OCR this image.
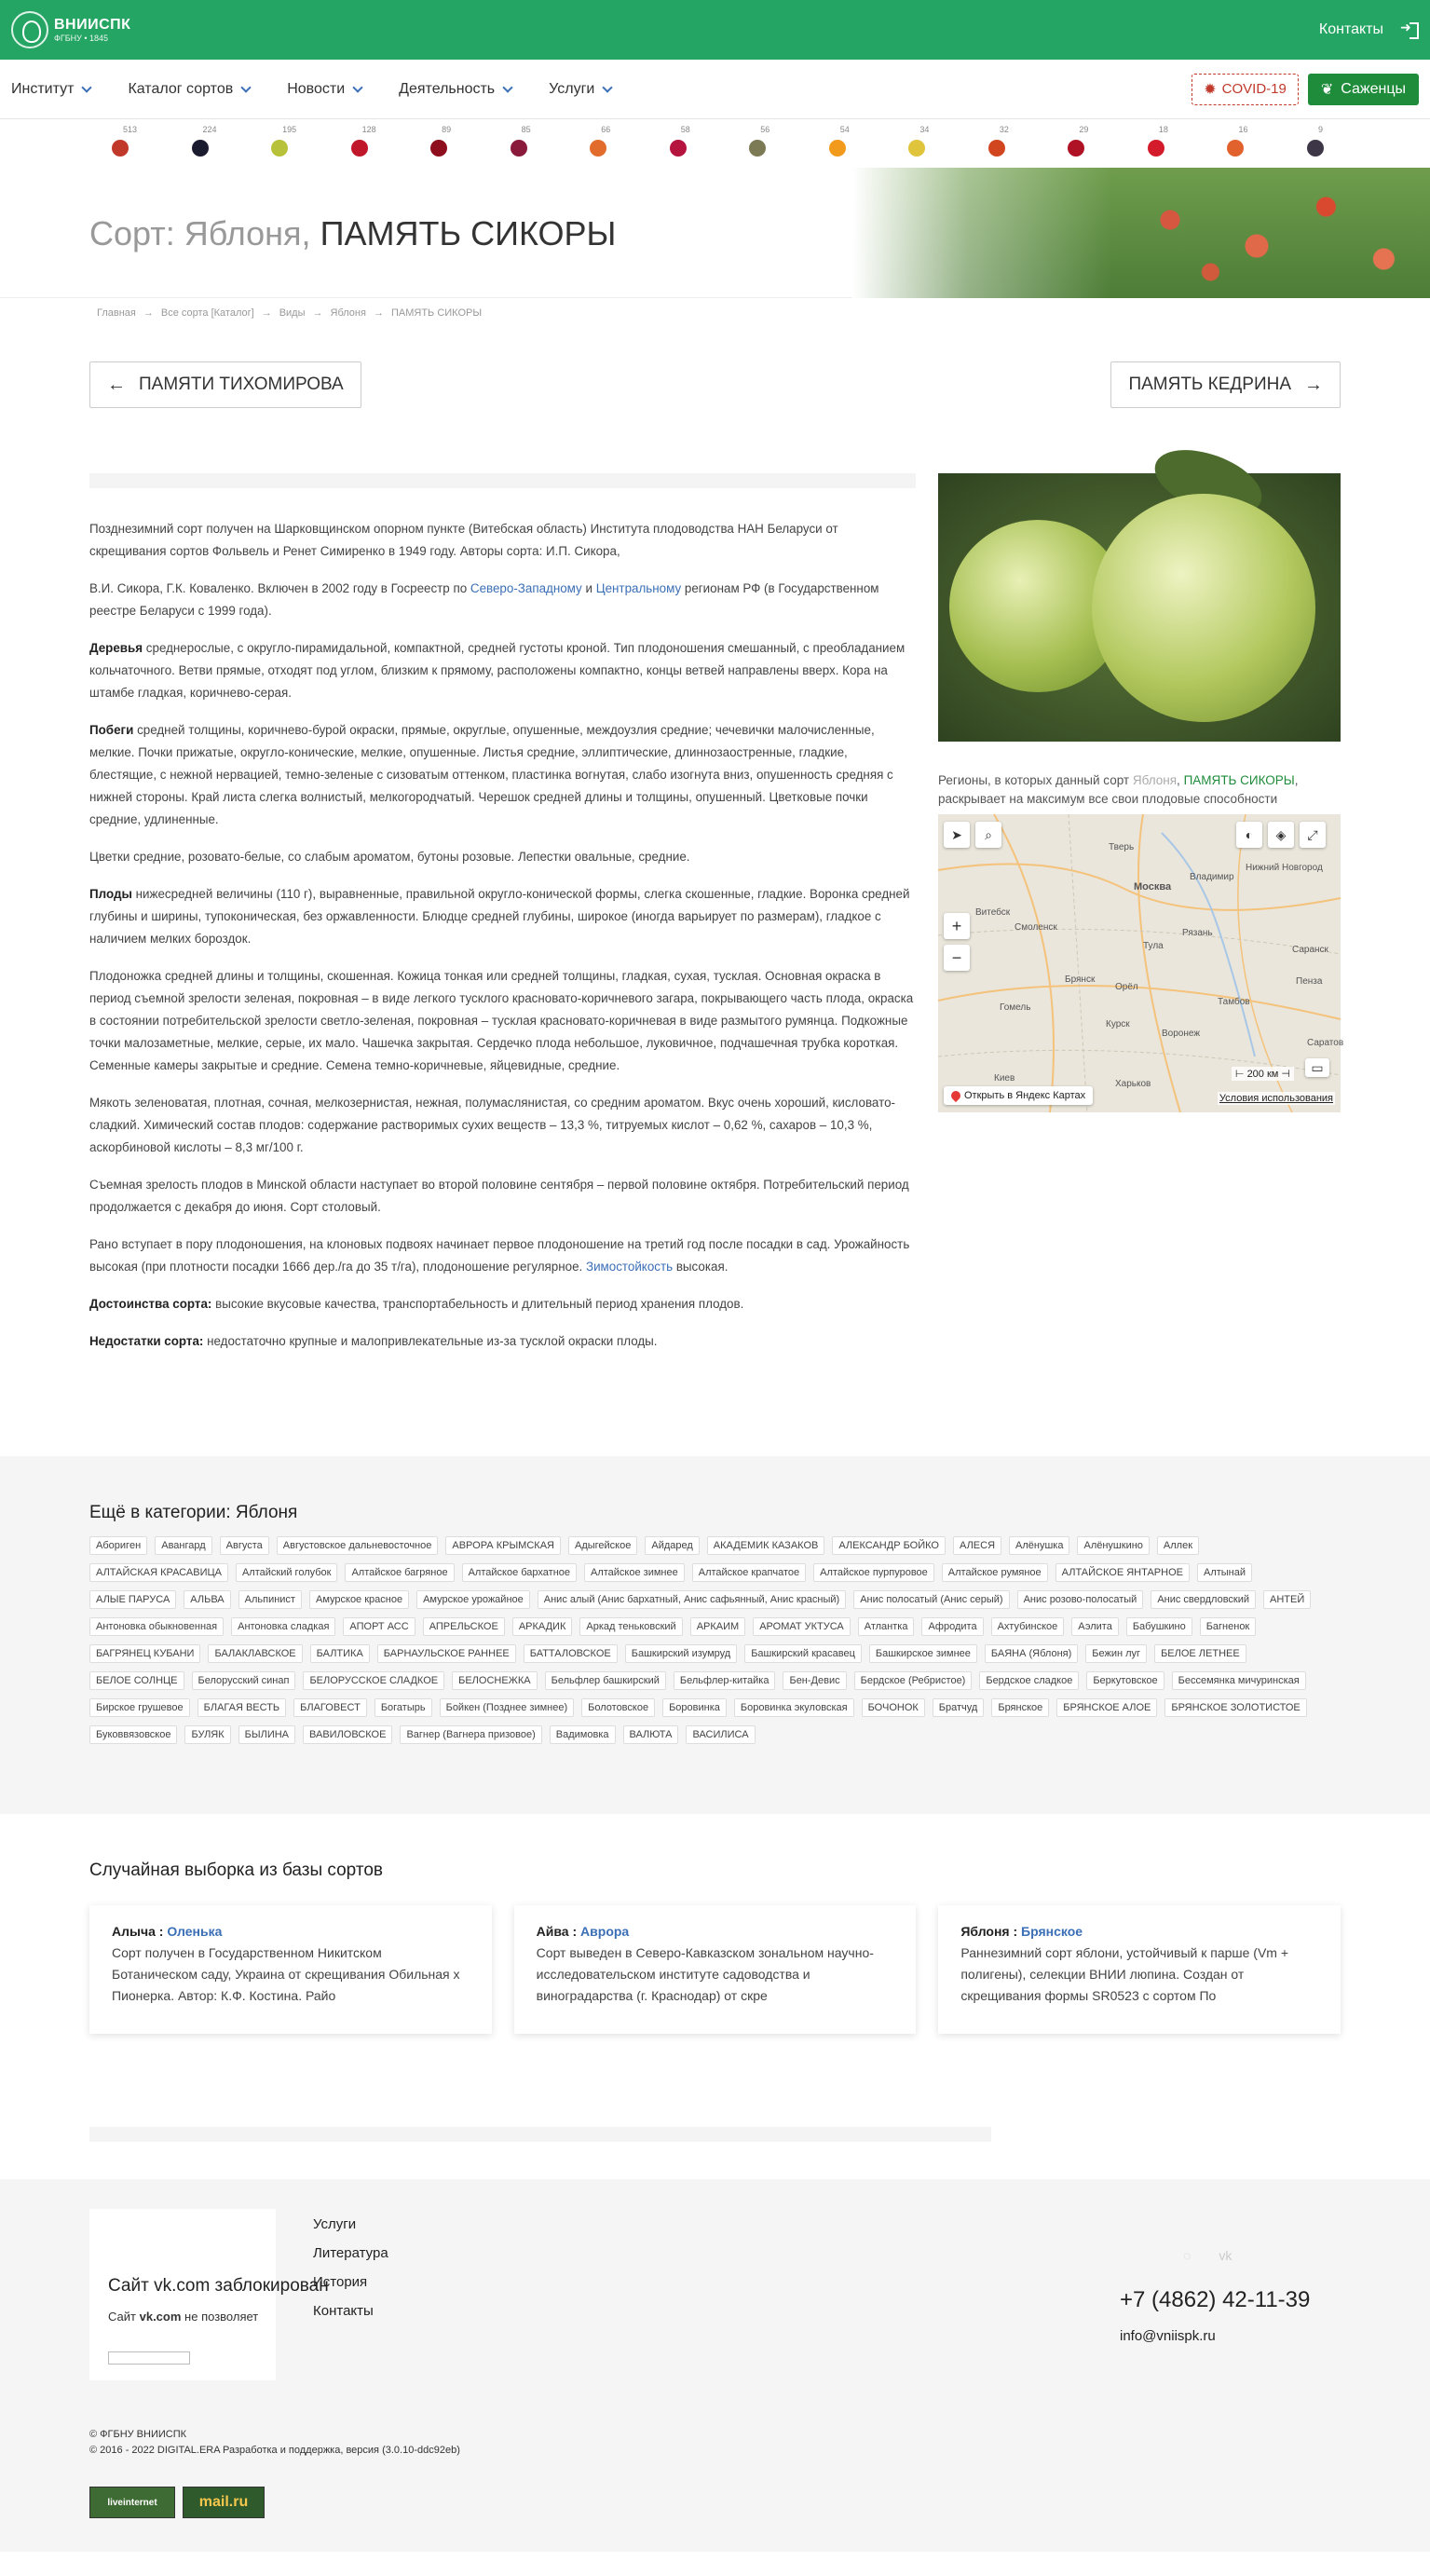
ВНИИСПК
ФГБНУ • 1845
Контакты
➜
Институт	Каталог сортов	Новости	Деятельность	Услуги	✹ COVID-19 ❦ Саженцы
513	224	195	128	89	85	66	58	56	54	34	32	29	18	16	9
Сорт: Яблоня, ПАМЯТЬ СИКОРЫ
Главная → Все сорта [Каталог] → Виды → Яблоня → ПАМЯТЬ СИКОРЫ
← ПАМЯТИ ТИХОМИРОВА	ПАМЯТЬ КЕДРИНА →

Позднезимний сорт получен на Шарковщинском опорном пункте (Витебская область) Института плодоводства НАН Беларуси от скрещивания сортов Фольвель и Ренет Симиренко в 1949 году. Авторы сорта: И.П. Сикора,

В.И. Сикора, Г.К. Коваленко. Включен в 2002 году в Госреестр по Северо-Западному и Центральному регионам РФ (в Государственном реестре Беларуси с 1999 года).

Деревья среднерослые, с округло-пирамидальной, компактной, средней густоты кроной. Тип плодоношения смешанный, с преобладанием кольчаточного. Ветви прямые, отходят под углом, близким к прямому, расположены компактно, концы ветвей направлены вверх. Кора на штамбе гладкая, коричнево-серая.

Побеги средней толщины, коричнево-бурой окраски, прямые, округлые, опушенные, междоузлия средние; чечевички малочисленные, мелкие. Почки прижатые, округло-конические, мелкие, опушенные. Листья средние, эллиптические, длиннозаостренные, гладкие, блестящие, с нежной нервацией, темно-зеленые с сизоватым оттенком, пластинка вогнутая, слабо изогнута вниз, опушенность средняя с нижней стороны. Край листа слегка волнистый, мелкогородчатый. Черешок средней длины и толщины, опушенный. Цветковые почки средние, удлиненные.

Цветки средние, розовато-белые, со слабым ароматом, бутоны розовые. Лепестки овальные, средние.

Плоды нижесредней величины (110 г), выравненные, правильной округло-конической формы, слегка скошенные, гладкие. Воронка средней глубины и ширины, тупоконическая, без оржавленности. Блюдце средней глубины, широкое (иногда варьирует по размерам), гладкое с наличием мелких бороздок.

Плодоножка средней длины и толщины, скошенная. Кожица тонкая или средней толщины, гладкая, сухая, тусклая. Основная окраска в период съемной зрелости зеленая, покровная – в виде легкого тусклого красновато-коричневого загара, покрывающего часть плода, окраска в состоянии потребительской зрелости светло-зеленая, покровная – тусклая красновато-коричневая в виде размытого румянца. Подкожные точки малозаметные, мелкие, серые, их мало. Чашечка закрытая. Сердечко плода небольшое, луковичное, подчашечная трубка короткая. Семенные камеры закрытые и средние. Семена темно-коричневые, яйцевидные, средние.

Мякоть зеленоватая, плотная, сочная, мелкозернистая, нежная, полумаслянистая, со средним ароматом. Вкус очень хороший, кисловато-сладкий. Химический состав плодов: содержание растворимых сухих веществ – 13,3 %, титруемых кислот – 0,62 %, сахаров – 10,3 %, аскорбиновой кислоты – 8,3 мг/100 г.

Съемная зрелость плодов в Минской области наступает во второй половине сентября – первой половине октября. Потребительский период продолжается с декабря до июня. Сорт столовый.

Рано вступает в пору плодоношения, на клоновых подвоях начинает первое плодоношение на третий год после посадки в сад. Урожайность высокая (при плотности посадки 1666 дер./га до 35 т/га), плодоношение регулярное. Зимостойкость высокая.

Достоинства сорта: высокие вкусовые качества, транспортабельность и длительный период хранения плодов.

Недостатки сорта: недостаточно крупные и малопривлекательные из-за тусклой окраски плоды.

Регионы, в которых данный сорт Яблоня, ПАМЯТЬ СИКОРЫ, раскрывает на максимум все свои плодовые способности
Тверь
Москва
Нижний Новгород
Владимир
Витебск
Смоленск
Рязань
Саранск
Тула
Брянск	Пенза
Гомель
Орёл
Тамбов
Курск
Воронеж
Саратов
Киев
Харьков
➤	⌕	◐	◈	⤢
+
−
▭
Открыть в Яндекс Картах
⊢ 200 км ⊣
Условия использования
Ещё в категории: Яблоня
Аборигeн	Авангард	Августа	Августовское дальневосточное	АВРОРА КРЫМСКАЯ	Адыгейское	Айдаред	АКАДЕМИК КАЗАКОВ	АЛЕКСАНДР БОЙКО	АЛЕСЯ	Алёнушка	Алёнушкино	Аллек
АЛТАЙСКАЯ КРАСАВИЦА	Алтайский голубок	Алтайское багряное	Алтайское бархатное	Алтайское зимнее	Алтайское крапчатое	Алтайское пурпуровое	Алтайское румяное	АЛТАЙСКОЕ ЯНТАРНОЕ	Алтынай
АЛЫЕ ПАРУСА	АЛЬВА	Альпинист	Амурское красное	Амурское урожайное	Анис алый (Анис бархатный, Анис сафьянный, Анис красный)	Анис полосатый (Анис серый)	Анис розово-полосатый	Анис свердловский	АНТЕЙ
Антоновка обыкновенная	Антоновка сладкая	АПОРТ АСС	АПРЕЛЬСКОЕ	АРКАДИК	Аркад теньковский	АРКАИМ	АРОМАТ УКТУСА	Атлантка	Афродита	Ахтубинское	Аэлита	Бабушкино	Багненок
БАГРЯНЕЦ КУБАНИ	БАЛАКЛАВСКОЕ	БАЛТИКА	БАРНАУЛЬСКОЕ РАННЕЕ	БАТТАЛОВСКОЕ	Башкирский изумруд	Башкирский красавец	Башкирское зимнее	БАЯНА (Яблоня)	Бежин луг	БЕЛОЕ ЛЕТНЕЕ
БЕЛОЕ СОЛНЦЕ	Белорусский синап	БЕЛОРУССКОЕ СЛАДКОЕ	БЕЛОСНЕЖКА	Бельфлер башкирский	Бельфлер-китайка	Бен-Девис	Бердское (Ребристое)	Бердское сладкое	Беркутовское	Бессемянка мичуринская
Бирское грушевое	БЛАГАЯ ВЕСТЬ	БЛАГОВЕСТ	Богатырь	Бойкен (Позднее зимнее)	Болотовское	Боровинка	Боровинка экуловская	БОЧОНОК	Братчуд	Брянское	БРЯНСКОЕ АЛОЕ	БРЯНСКОЕ ЗОЛОТИСТОЕ
Буковвязовское	БУЛЯК	БЫЛИНА	ВАВИЛОВСКОЕ	Вагнер (Вагнера призовое)	Вадимовка	ВАЛЮТА	ВАСИЛИСА
Случайная выборка из базы сортов
Алыча : Оленька
Сорт получен в Государственном Никитском Ботаническом саду, Украина от скрещивания Обильная х Пионерка. Автор: К.Ф. Костина. Райо
Айва : Аврора
Сорт выведен в Северо-Кавказском зональном научно-исследовательском институте садоводства и виноградарства (г. Краснодар) от скре
Яблоня : Брянское
Раннезимний сорт яблони, устойчивый к парше (Vm + полигены), селекции ВНИИ люпина. Создан от скрещивания формы SR0523 с сортом По
Сайт vk.com заблокирован
Сайт vk.com не позволяет
Услуги
Литература
История
Контакты
◌ vk
+7 (4862) 42-11-39
info@vniispk.ru
© ФГБНУ ВНИИСПК
© 2016 - 2022 DIGITAL.ERA Разработка и поддержка, версия (3.0.10-ddc92eb)
liveinternet	mail.ru
